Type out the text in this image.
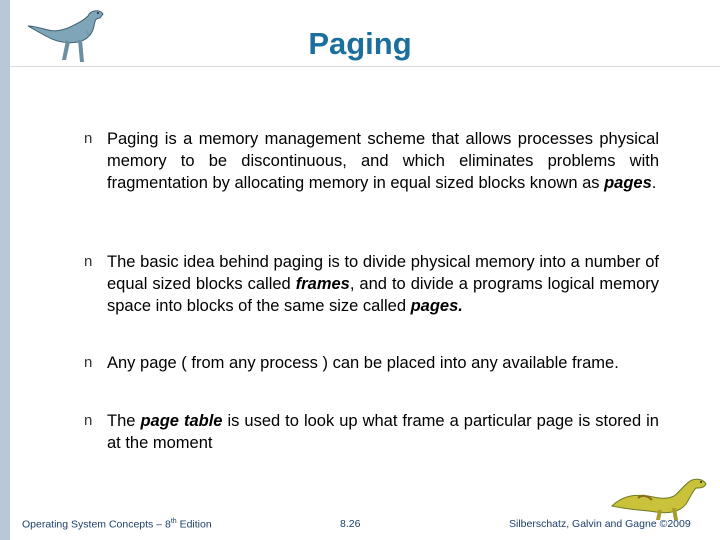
Paging
n Paging is a memory management scheme that allows processes physical memory to be discontinuous, and which eliminates problems with fragmentation by allocating memory in equal sized blocks known as pages.
n The basic idea behind paging is to divide physical memory into a number of equal sized blocks called frames, and to divide a programs logical memory space into blocks of the same size called pages.
n Any page ( from any process ) can be placed into any available frame.
n The page table is used to look up what frame a particular page is stored in at the moment
Operating System Concepts – 8th Edition	8.26	Silberschatz, Galvin and Gagne ©2009
